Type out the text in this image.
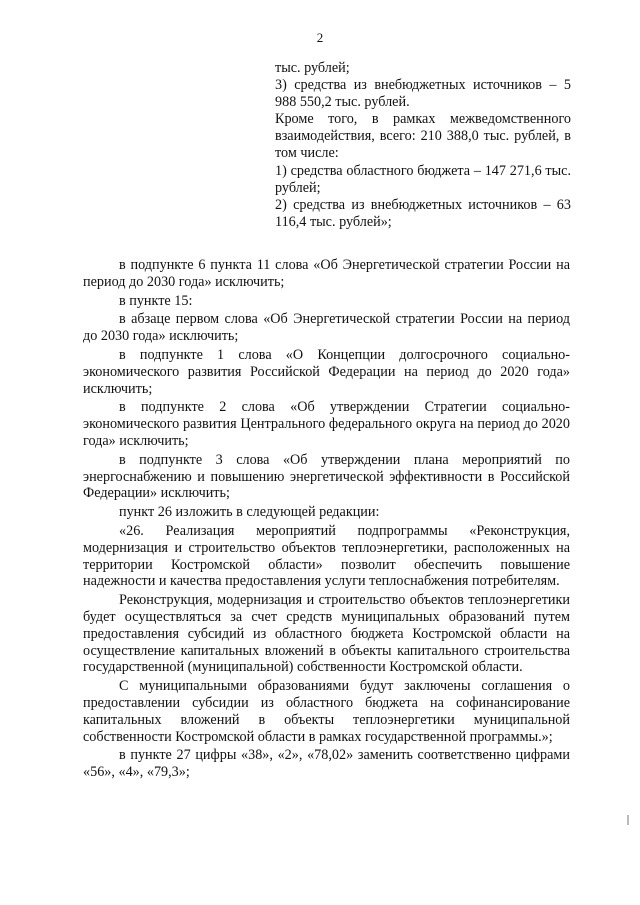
2

тыс. рублей;

3) средства из внебюджетных источников – 5 988 550,2 тыс. рублей.

Кроме того, в рамках межведомственного взаимодействия, всего: 210 388,0 тыс. рублей, в том числе:

1) средства областного бюджета – 147 271,6 тыс. рублей;

2) средства из внебюджетных источников – 63 116,4 тыс. рублей»;

в подпункте 6 пункта 11 слова «Об Энергетической стратегии России на период до 2030 года» исключить;

в пункте 15:

в абзаце первом слова «Об Энергетической стратегии России на период до 2030 года» исключить;

в подпункте 1 слова «О Концепции долгосрочного социально-экономического развития Российской Федерации на период до 2020 года» исключить;

в подпункте 2 слова «Об утверждении Стратегии социально-экономического развития Центрального федерального округа на период до 2020 года» исключить;

в подпункте 3 слова «Об утверждении плана мероприятий по энергоснабжению и повышению энергетической эффективности в Российской Федерации» исключить;

пункт 26 изложить в следующей редакции:

«26. Реализация мероприятий подпрограммы «Реконструкция, модернизация и строительство объектов теплоэнергетики, расположенных на территории Костромской области» позволит обеспечить повышение надежности и качества предоставления услуги теплоснабжения потребителям.

Реконструкция, модернизация и строительство объектов теплоэнергетики будет осуществляться за счет средств муниципальных образований путем предоставления субсидий из областного бюджета Костромской области на осуществление капитальных вложений в объекты капитального строительства государственной (муниципальной) собственности Костромской области.

С муниципальными образованиями будут заключены соглашения о предоставлении субсидии из областного бюджета на софинансирование капитальных вложений в объекты теплоэнергетики муниципальной собственности Костромской области в рамках государственной программы.»;

в пункте 27 цифры «38», «2», «78,02» заменить соответственно цифрами «56», «4», «79,3»;
